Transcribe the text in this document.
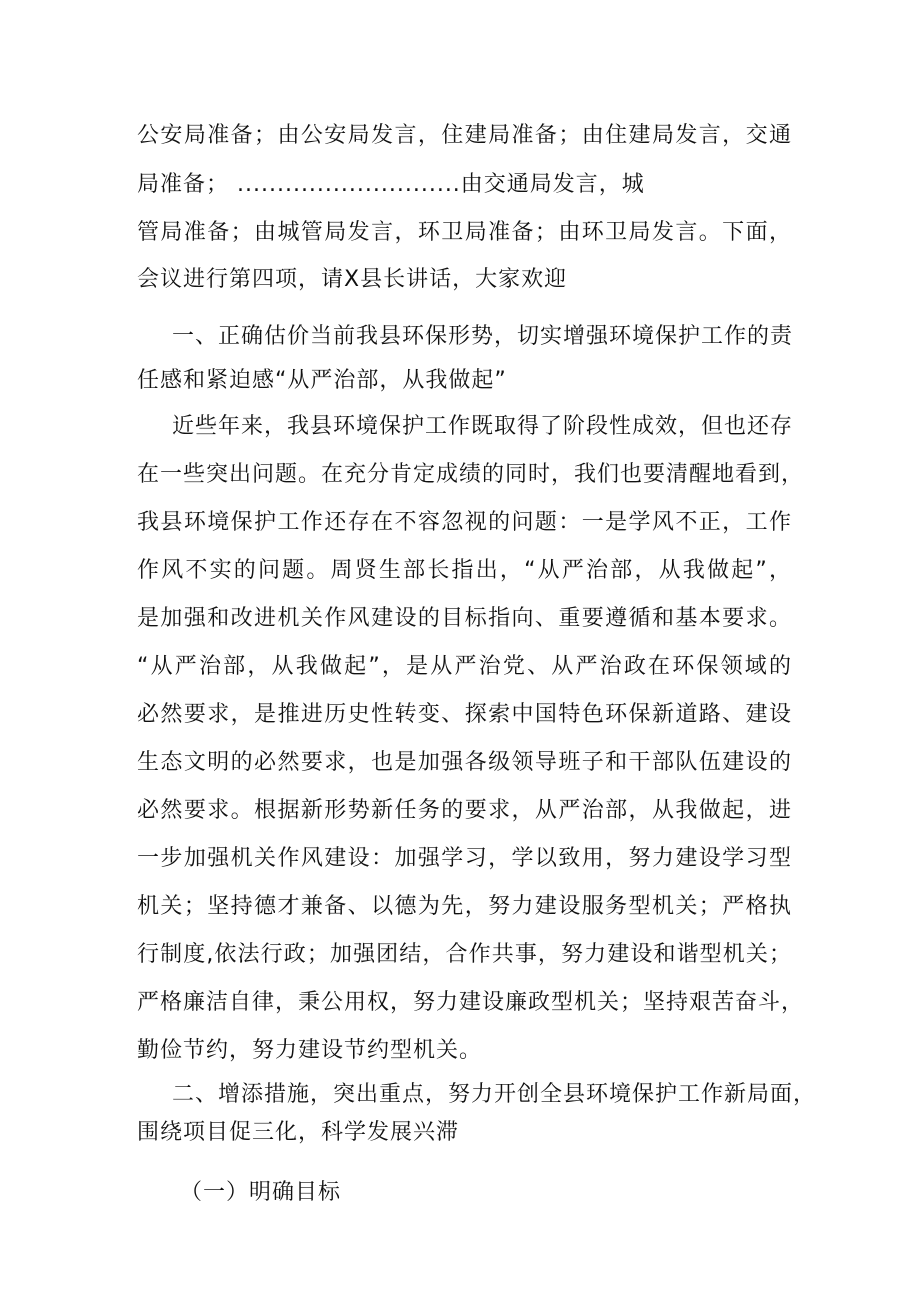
公安局准备；由公安局发言，住建局准备；由住建局发言，交通
局准备； ............................由交通局发言，城
管局准备；由城管局发言，环卫局准备；由环卫局发言。下面，
会议进行第四项，请X县长讲话，大家欢迎
一、正确估价当前我县环保形势，切实增强环境保护工作的责
任感和紧迫感“从严治部，从我做起”
近些年来，我县环境保护工作既取得了阶段性成效，但也还存
在一些突出问题。在充分肯定成绩的同时，我们也要清醒地看到，
我县环境保护工作还存在不容忽视的问题：一是学风不正，工作
作风不实的问题。周贤生部长指出，“从严治部，从我做起”，
是加强和改进机关作风建设的目标指向、重要遵循和基本要求。
“从严治部，从我做起”，是从严治党、从严治政在环保领域的
必然要求，是推进历史性转变、探索中国特色环保新道路、建设
生态文明的必然要求，也是加强各级领导班子和干部队伍建设的
必然要求。根据新形势新任务的要求，从严治部，从我做起，进
一步加强机关作风建设：加强学习，学以致用，努力建设学习型
机关；坚持德才兼备、以德为先，努力建设服务型机关；严格执
行制度,依法行政；加强团结，合作共事，努力建设和谐型机关；
严格廉洁自律，秉公用权，努力建设廉政型机关；坚持艰苦奋斗，
勤俭节约，努力建设节约型机关。
二、增添措施，突出重点，努力开创全县环境保护工作新局面，
围绕项目促三化，科学发展兴滞
（一）明确目标
